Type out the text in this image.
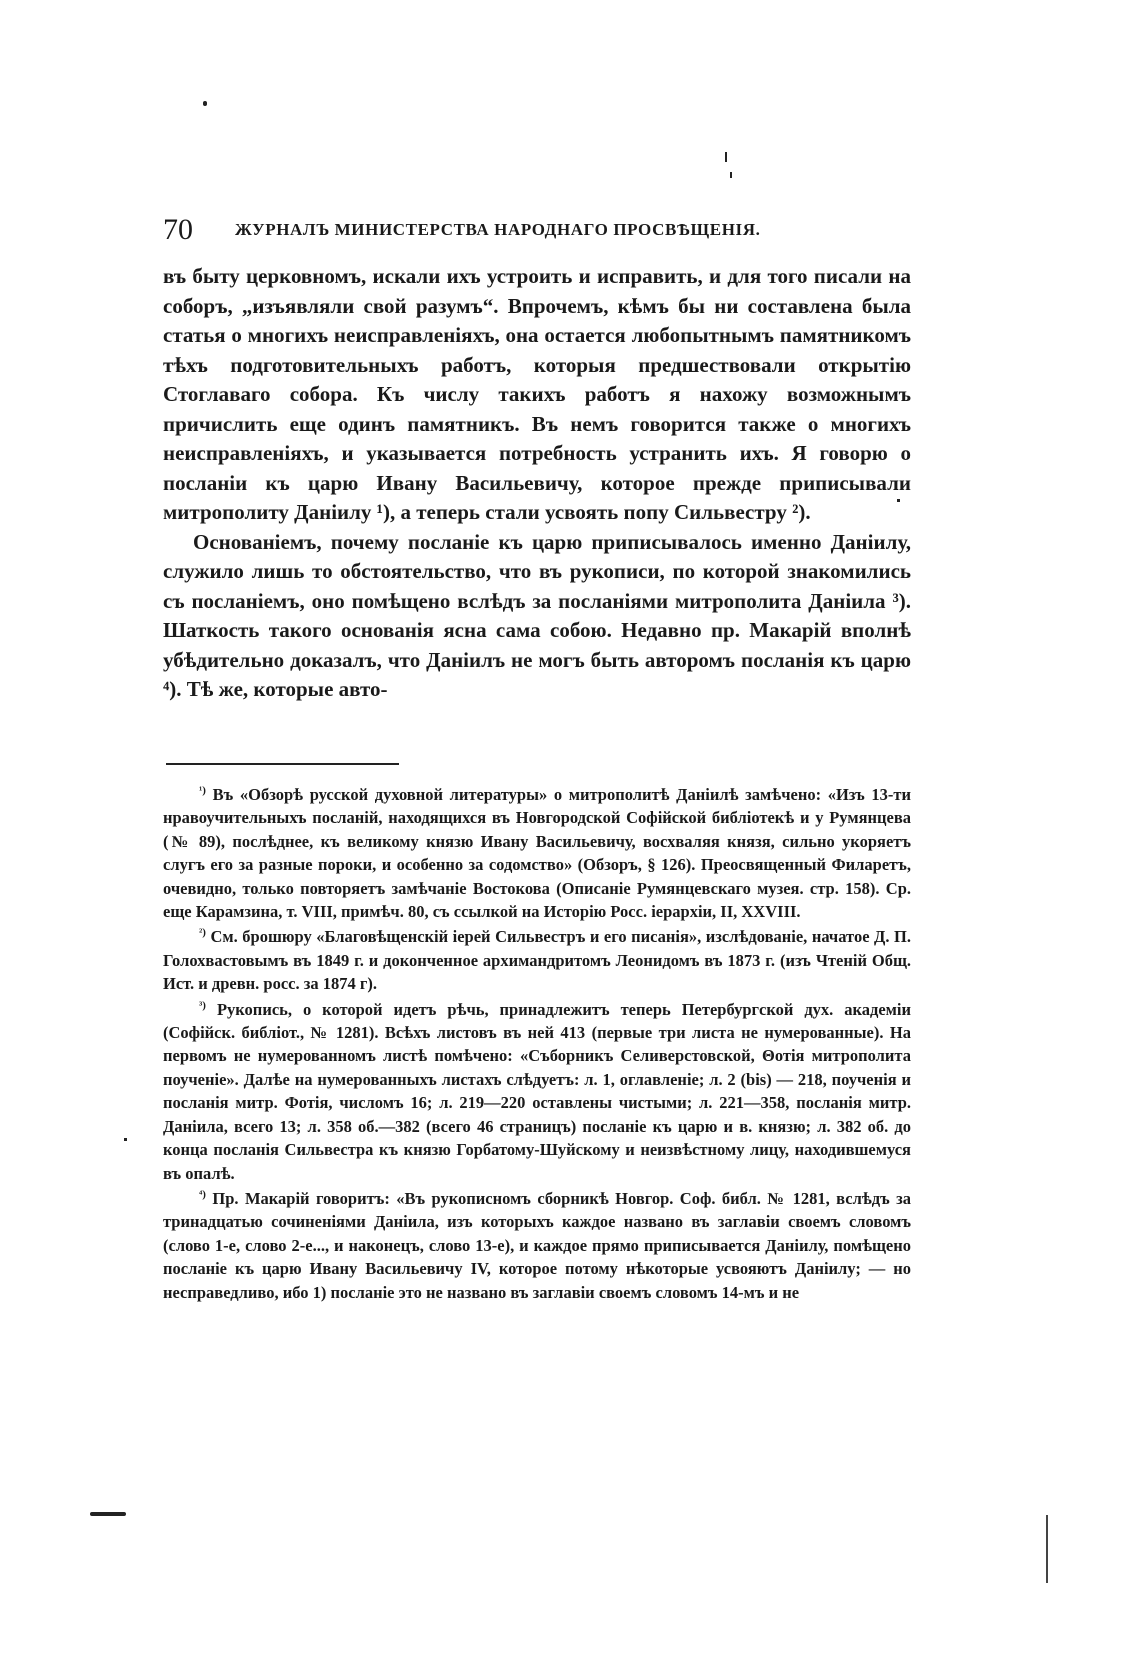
70 ЖУРНАЛЪ МИНИСТЕРСТВА НАРОДНАГО ПРОСВѢЩЕНІЯ.

въ быту церковномъ, искали ихъ устроить и исправить, и для того писали на соборъ, „изъявляли свой разумъ“. Впрочемъ, кѣмъ бы ни составлена была статья о многихъ неисправленіяхъ, она остается любопытнымъ памятникомъ тѣхъ подготовительныхъ работъ, которыя предшествовали открытію Стоглаваго собора. Къ числу такихъ работъ я нахожу возможнымъ причислить еще одинъ памятникъ. Въ немъ говорится также о многихъ неисправленіяхъ, и указывается потребность устранить ихъ. Я говорю о посланіи къ царю Ивану Васильевичу, которое прежде приписывали митрополиту Даніилу ¹), а теперь стали усвоять попу Сильвестру ²).

Основаніемъ, почему посланіе къ царю приписывалось именно Даніилу, служило лишь то обстоятельство, что въ рукописи, по которой знакомились съ посланіемъ, оно помѣщено вслѣдъ за посланіями митрополита Даніила ³). Шаткость такого основанія ясна сама собою. Недавно пр. Макарій вполнѣ убѣдительно доказалъ, что Даніилъ не могъ быть авторомъ посланія къ царю ⁴). Тѣ же, которые авто-

$^{^1)}$ Въ «Обзорѣ русской духовной литературы» о митрополитѣ Даніилѣ замѣчено: «Изъ 13-ти нравоучительныхъ посланій, находящихся въ Новгородской Софійской библіотекѣ и у Румянцева (№ 89), послѣднее, къ великому князю Ивану Васильевичу, восхваляя князя, сильно укоряетъ слугъ его за разные пороки, и особенно за содомство» (Обзоръ, § 126). Преосвященный Филаретъ, очевидно, только повторяетъ замѣчаніе Востокова (Описаніе Румянцевскаго музея. стр. 158). Ср. еще Карамзина, т. VIII, примѣч. 80, съ ссылкой на Исторію Росс. іерархіи, II, XXVIII.

$^{^2)}$ См. брошюру «Благовѣщенскій іерей Сильвестръ и его писанія», изслѣдованіе, начатое Д. П. Голохвастовымъ въ 1849 г. и доконченное архимандритомъ Леонидомъ въ 1873 г. (изъ Чтеній Общ. Ист. и древн. росс. за 1874 г).

$^{^3)}$ Рукопись, о которой идетъ рѣчь, принадлежитъ теперь Петербургской дух. академіи (Софійск. библіот., № 1281). Всѣхъ листовъ въ ней 413 (первые три листа не нумерованные). На первомъ не нумерованномъ листѣ помѣчено: «Съборникъ Селиверстовской, Θотія митрополита поученіе». Далѣе на нумерованныхъ листахъ слѣдуетъ: л. 1, оглавленіе; л. 2 (bis) — 218, поученія и посланія митр. Фотія, числомъ 16; л. 219—220 оставлены чистыми; л. 221—358, посланія митр. Даніила, всего 13; л. 358 об.—382 (всего 46 страницъ) посланіе къ царю и в. князю; л. 382 об. до конца посланія Сильвестра къ князю Горбатому-Шуйскому и неизвѣстному лицу, находившемуся въ опалѣ.

$^{^4)}$ Пр. Макарій говоритъ: «Въ рукописномъ сборникѣ Новгор. Соф. библ. № 1281, вслѣдъ за тринадцатью сочиненіями Даніила, изъ которыхъ каждое названо въ заглавіи своемъ словомъ (слово 1-е, слово 2-е..., и наконецъ, слово 13-е), и каждое прямо приписывается Даніилу, помѣщено посланіе къ царю Ивану Васильевичу IV, которое потому нѣкоторые усвояютъ Даніилу; — но несправедливо, ибо 1) посланіе это не названо въ заглавіи своемъ словомъ 14-мъ и не
